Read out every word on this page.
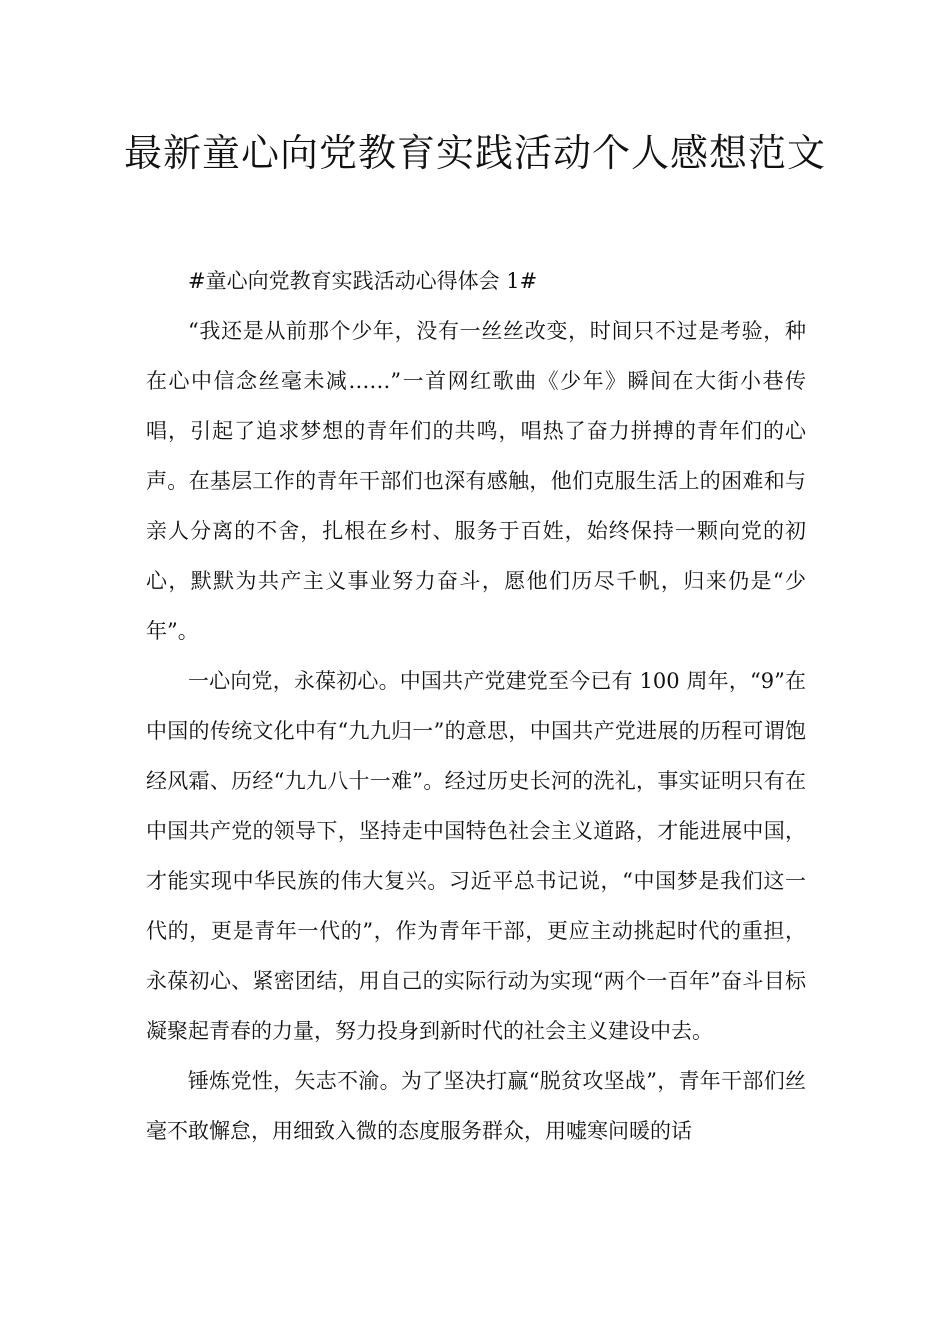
最新童心向党教育实践活动个人感想范文

#童心向党教育实践活动心得体会 1#

“我还是从前那个少年，没有一丝丝改变，时间只不过是考验，种在心中信念丝毫未减……”一首网红歌曲《少年》瞬间在大街小巷传唱，引起了追求梦想的青年们的共鸣，唱热了奋力拼搏的青年们的心声。在基层工作的青年干部们也深有感触，他们克服生活上的困难和与亲人分离的不舍，扎根在乡村、服务于百姓，始终保持一颗向党的初心，默默为共产主义事业努力奋斗，愿他们历尽千帆，归来仍是“少年”。

一心向党，永葆初心。中国共产党建党至今已有 100 周年，“9”在中国的传统文化中有“九九归一”的意思，中国共产党进展的历程可谓饱经风霜、历经“九九八十一难”。经过历史长河的洗礼，事实证明只有在中国共产党的领导下，坚持走中国特色社会主义道路，才能进展中国，才能实现中华民族的伟大复兴。习近平总书记说，“中国梦是我们这一代的，更是青年一代的”，作为青年干部，更应主动挑起时代的重担，永葆初心、紧密团结，用自己的实际行动为实现“两个一百年”奋斗目标凝聚起青春的力量，努力投身到新时代的社会主义建设中去。

锤炼党性，矢志不渝。为了坚决打赢“脱贫攻坚战”，青年干部们丝毫不敢懈怠，用细致入微的态度服务群众，用嘘寒问暖的话
